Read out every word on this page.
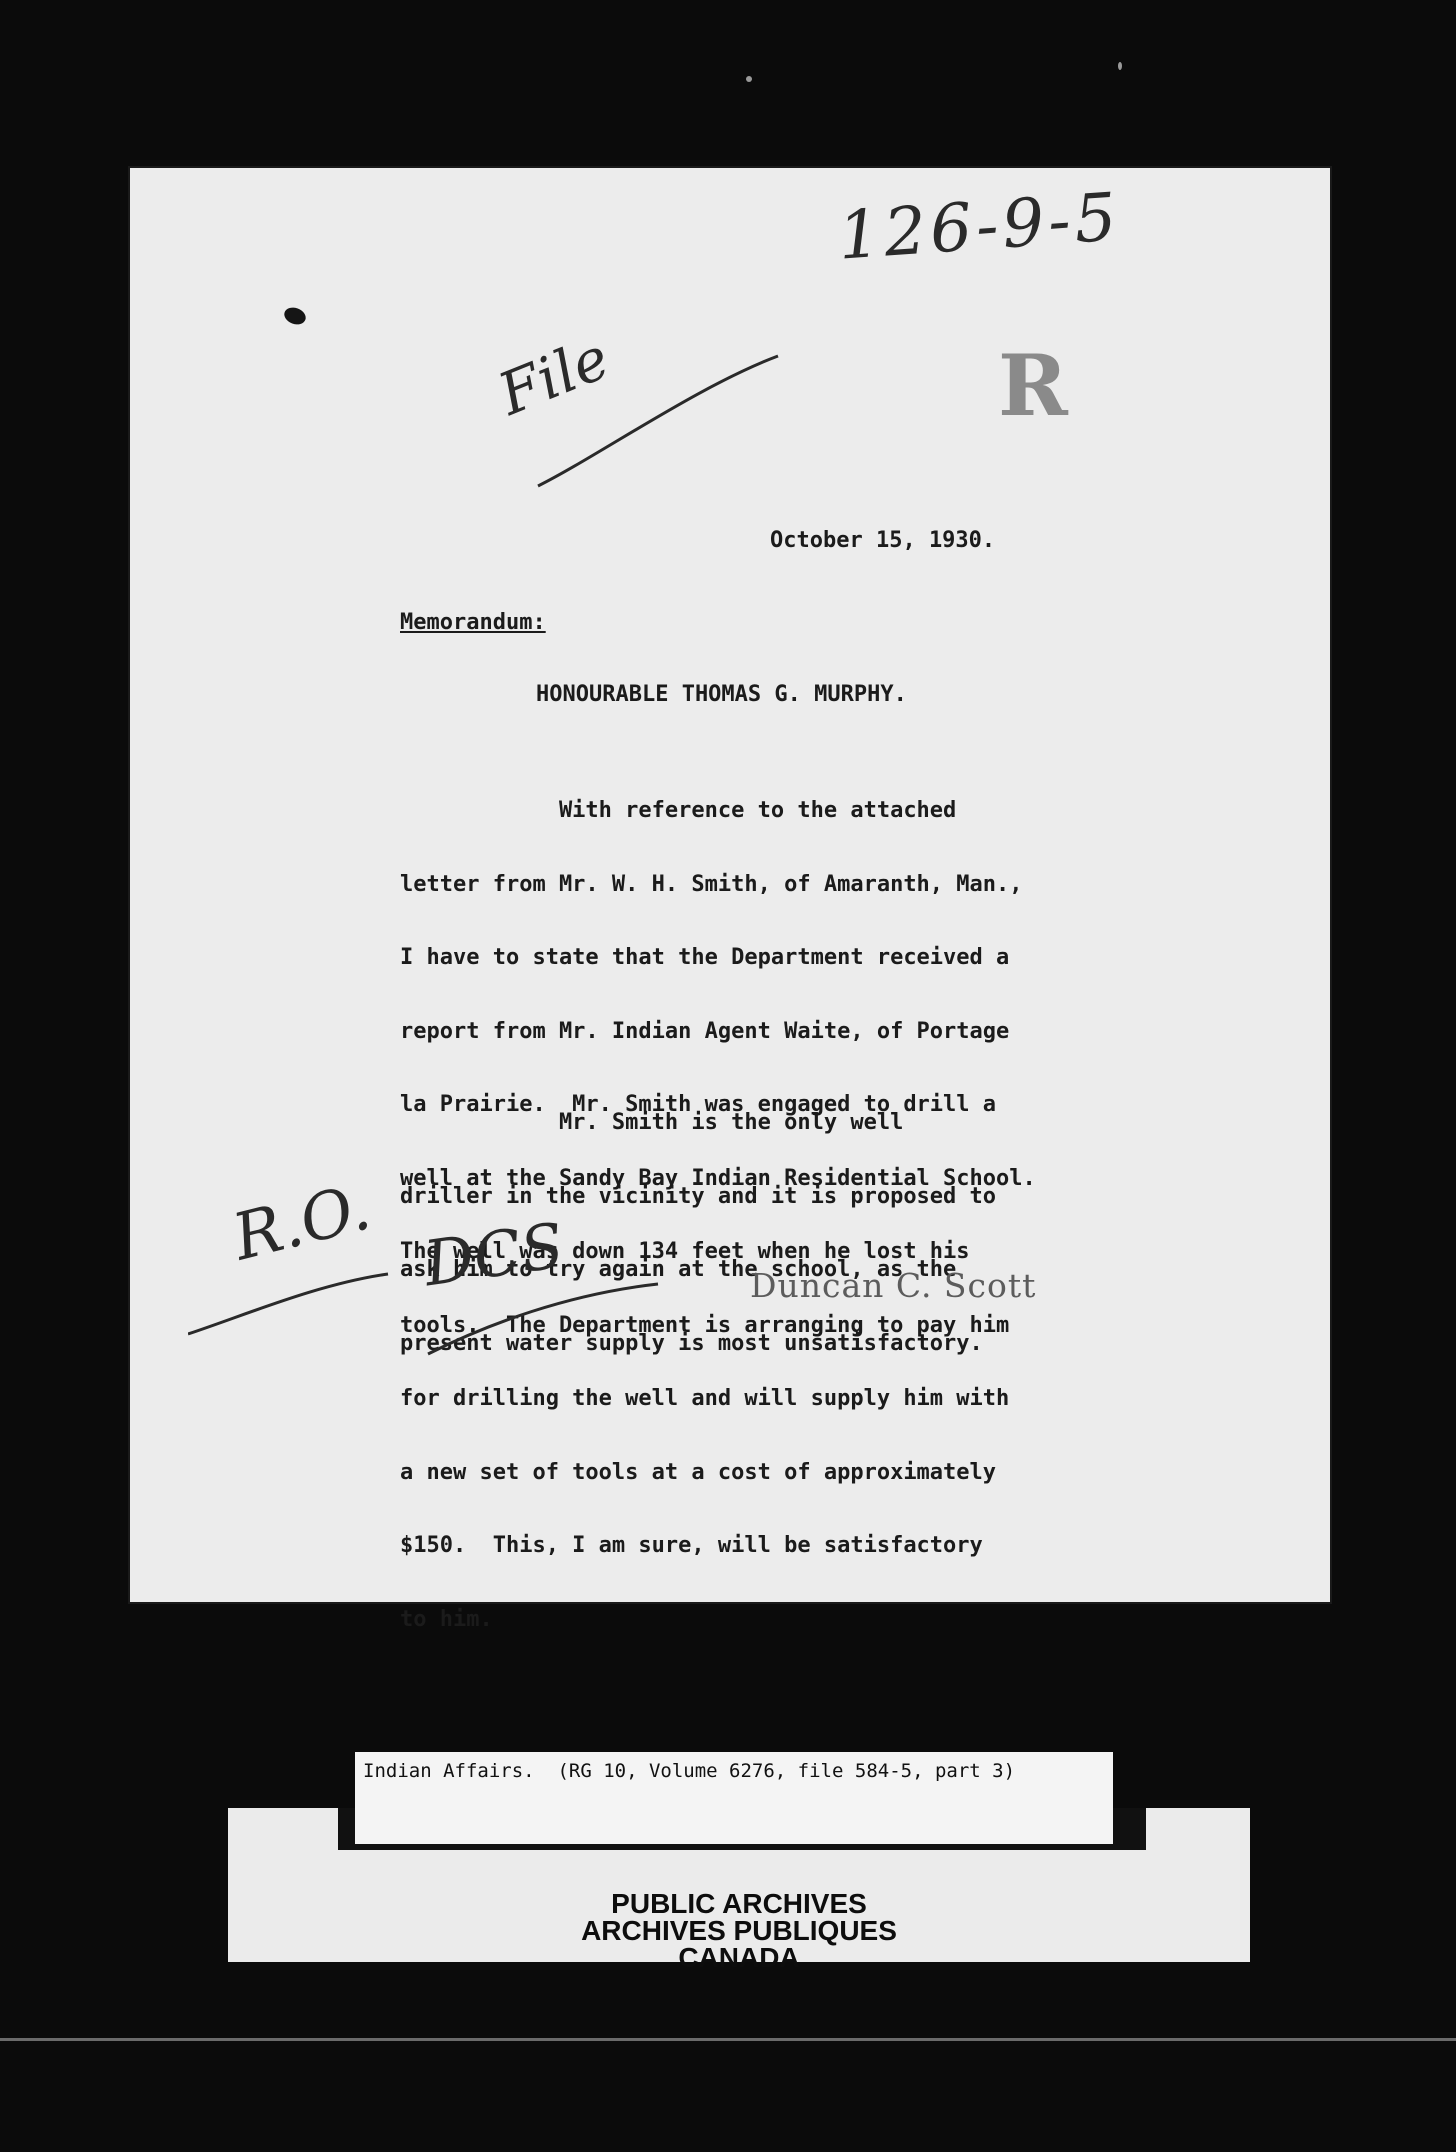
126-9-5
R
File
October 15, 1930.
Memorandum:
HONOURABLE THOMAS G. MURPHY.

With reference to the attached

letter from Mr. W. H. Smith, of Amaranth, Man.,

I have to state that the Department received a

report from Mr. Indian Agent Waite, of Portage

la Prairie.  Mr. Smith was engaged to drill a

well at the Sandy Bay Indian Residential School.

The well was down 134 feet when he lost his

tools.  The Department is arranging to pay him

for drilling the well and will supply him with

a new set of tools at a cost of approximately

$150.  This, I am sure, will be satisfactory

to him.

Mr. Smith is the only well

driller in the vicinity and it is proposed to

ask him to try again at the school, as the

present water supply is most unsatisfactory.

R.O. DCS	Duncan C. Scott
PUBLIC ARCHIVES
ARCHIVES PUBLIQUES
CANADA
Indian Affairs.  (RG 10, Volume 6276, file 584-5, part 3)
